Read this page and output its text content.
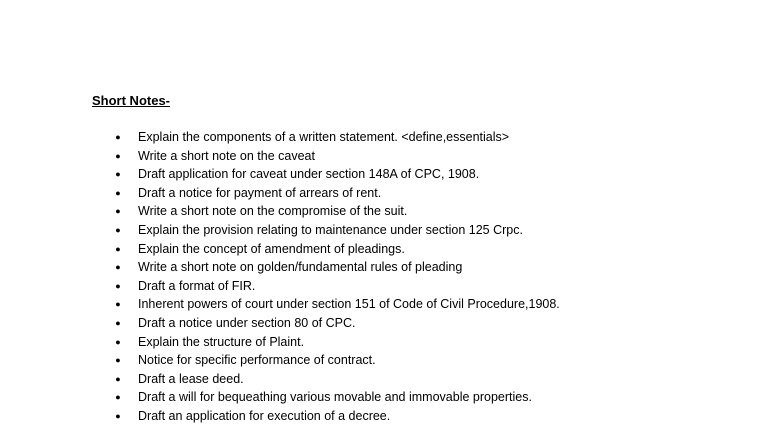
Short Notes-
● Explain the components of a written statement. <define,essentials>
● Write a short note on the caveat
● Draft application for caveat under section 148A of CPC, 1908.
● Draft a notice for payment of arrears of rent.
● Write a short note on the compromise of the suit.
● Explain the provision relating to maintenance under section 125 Crpc.
● Explain the concept of amendment of pleadings.
● Write a short note on golden/fundamental rules of pleading
● Draft a format of FIR.
● Inherent powers of court under section 151 of Code of Civil Procedure,1908.
● Draft a notice under section 80 of CPC.
● Explain the structure of Plaint.
● Notice for specific performance of contract.
● Draft a lease deed.
● Draft a will for bequeathing various movable and immovable properties.
● Draft an application for execution of a decree.
